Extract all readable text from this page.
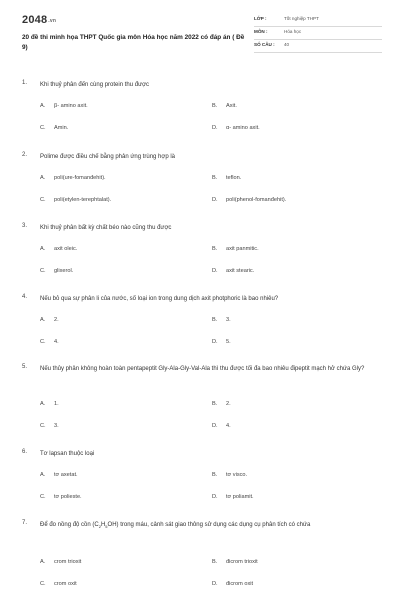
2048.vn
20 đề thi minh họa THPT Quốc gia môn Hóa học năm 2022 có đáp án ( Đề 9)
LỚP :	Tốt nghiệp THPT
MÔN :	Hóa học
SỐ CÂU : 40
1. Khi thuỷ phân đến cùng protein thu được
A. β- amino axit.	B. Axit.
C. Amin.	D. α- amino axit.
2. Polime được điều chế bằng phản ứng trùng hợp là
A. poli(ure-fomanđehit).	B. teflon.
C. poli(etylen-terephtalat).	D. poli(phenol-fomanđehit).
3. Khi thuỷ phân bất kỳ chất béo nào cũng thu được
A. axit oleic.	B. axit panmitic.
C. glixerol.	D. axit stearic.
4. Nếu bỏ qua sự phân li của nước, số loại ion trong dung dịch axit photphoric là bao nhiêu?
A. 2.	B. 3.
C. 4.	D. 5.
5. Nếu thủy phân không hoàn toàn pentapeptit Gly-Ala-Gly-Val-Ala thì thu được tối đa bao nhiêu đipeptit mạch hở chứa Gly?
A. 1.	B. 2.
C. 3.	D. 4.
6. Tơ lapsan thuộc loại
A. tơ axetat.	B. tơ visco.
C. tơ polieste.	D. tơ poliamit.
7. Để đo nồng độ cồn $(C_2H_5OH)$ trong máu, cảnh sát giao thông sử dụng các dụng cụ phân tích có chứa
A. crom trioxit	B. đicrom trioxit
C. crom oxit	D. đicrom oxit
